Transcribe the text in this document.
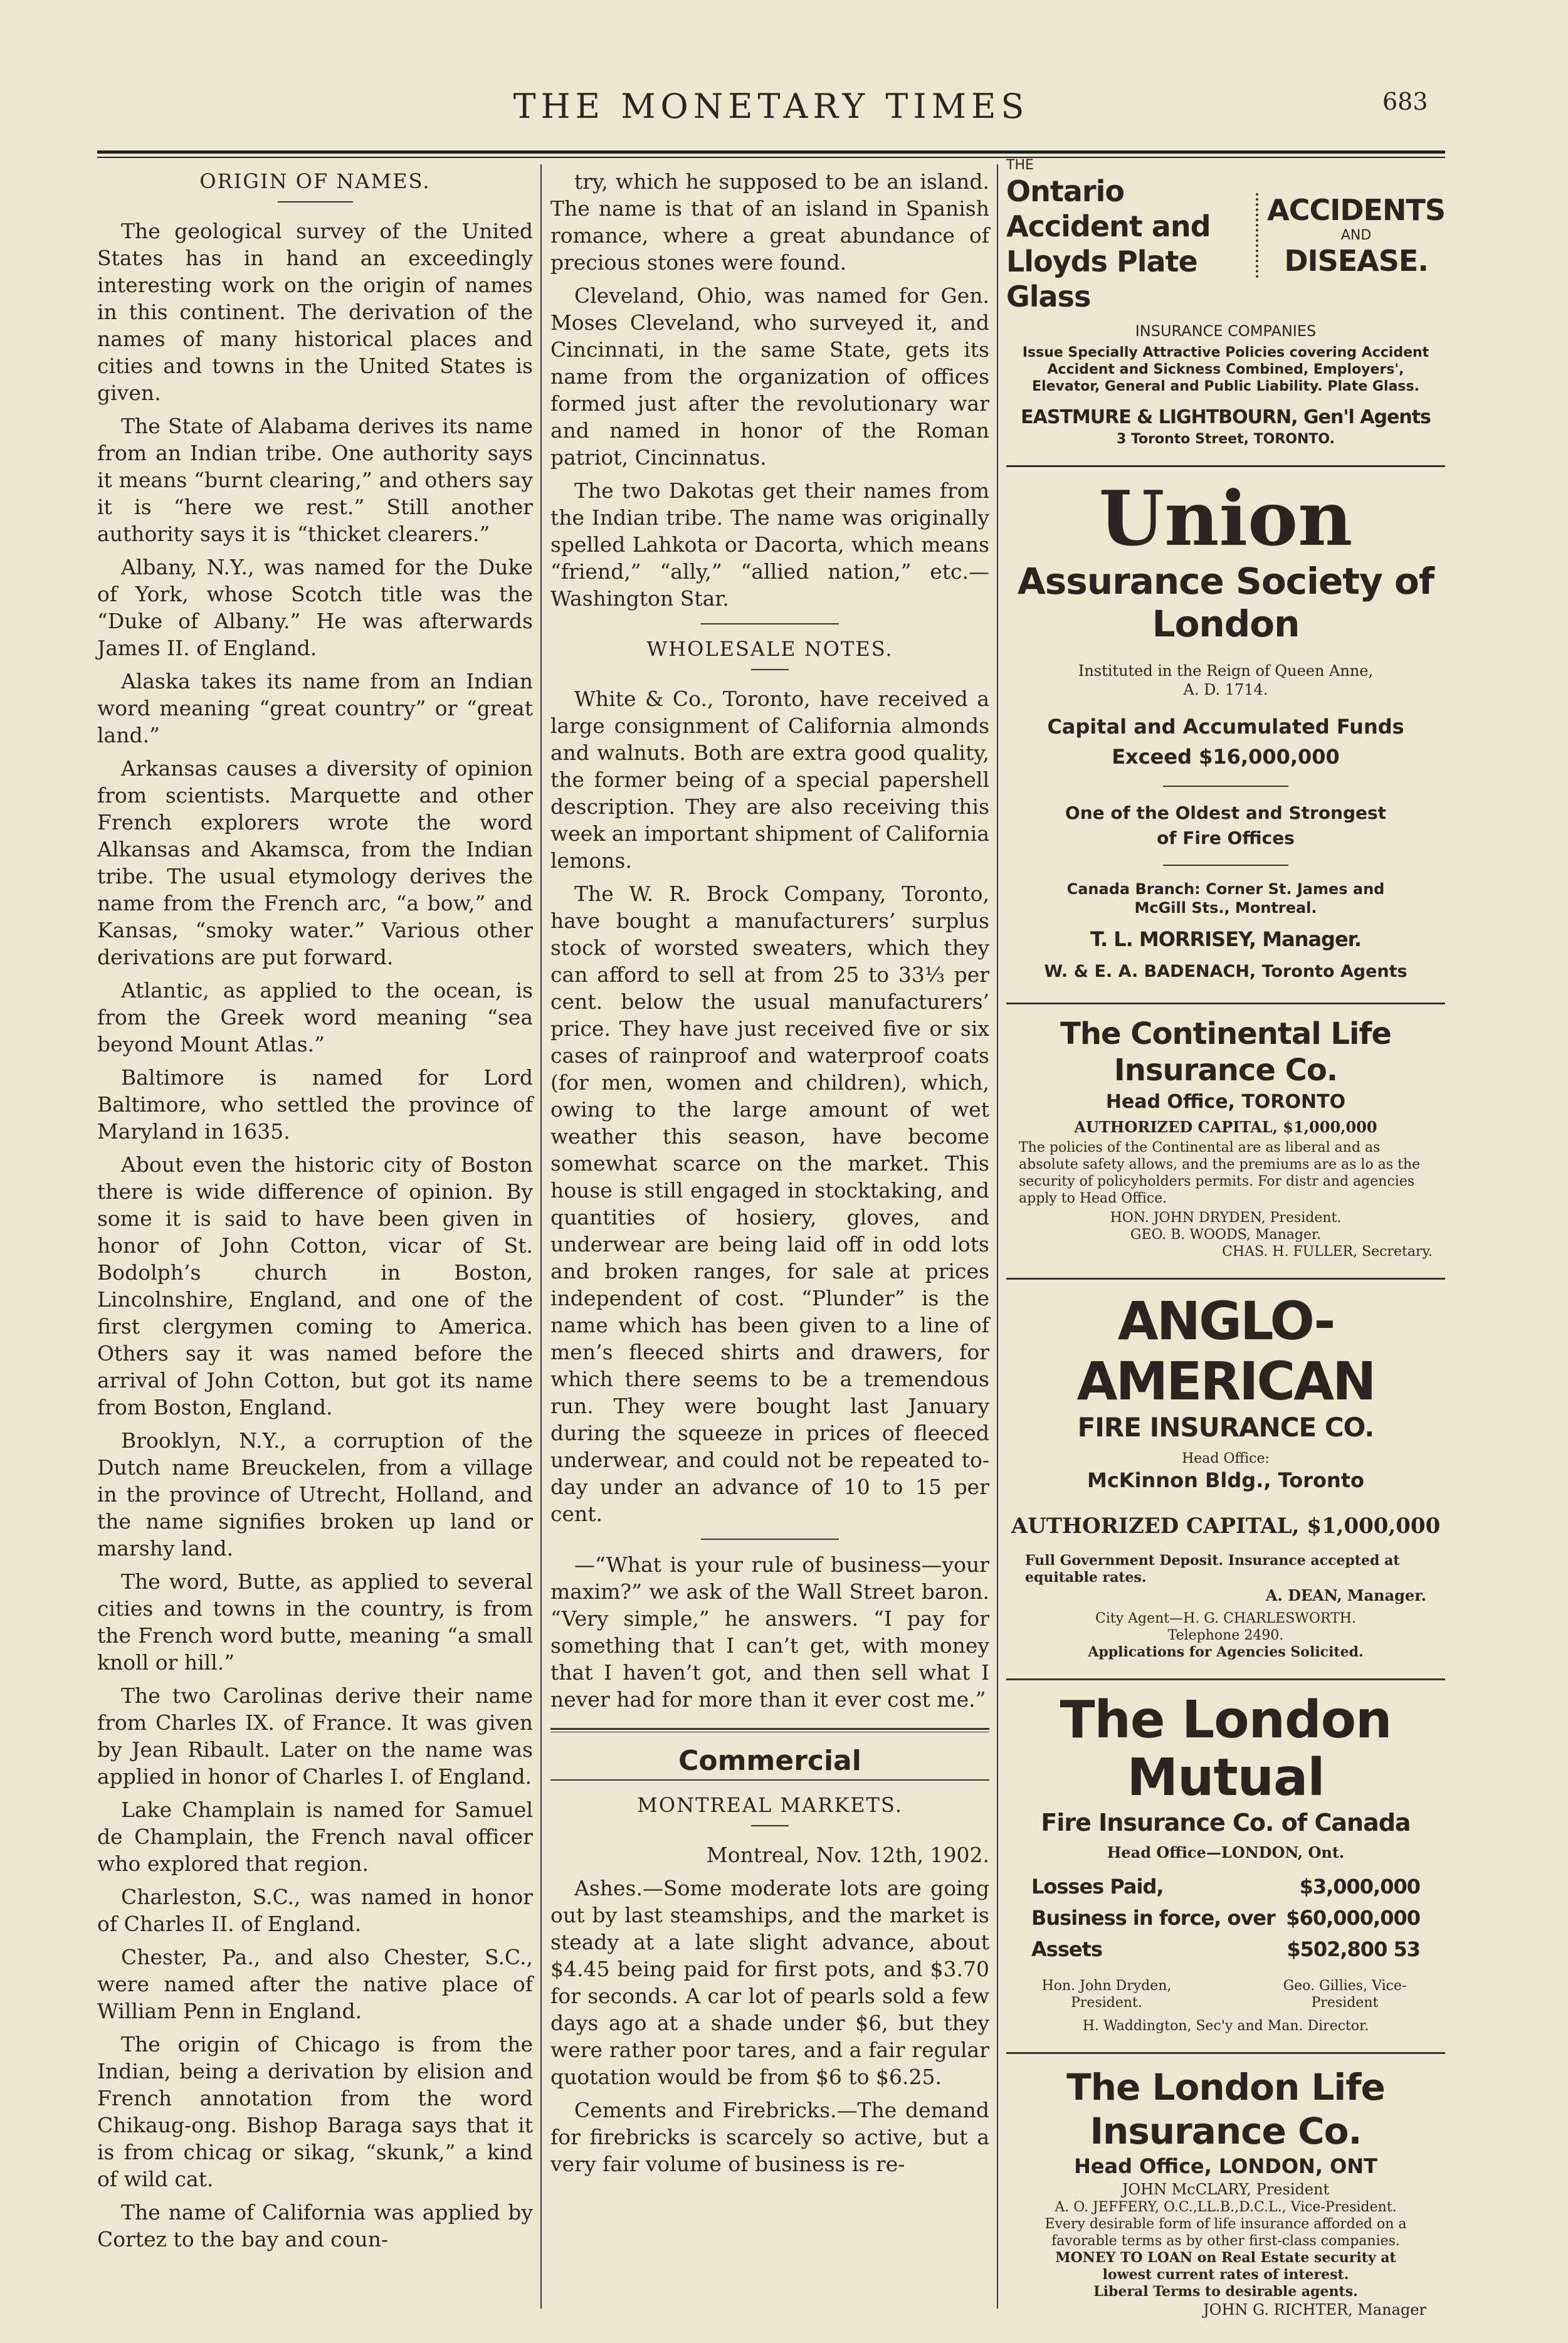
THE MONETARY TIMES	683

ORIGIN OF NAMES.

The geological survey of the United States has in hand an exceedingly interesting work on the origin of names in this continent. The derivation of the names of many historical places and cities and towns in the United States is given.

The State of Alabama derives its name from an Indian tribe. One authority says it means “burnt clearing,” and others say it is “here we rest.” Still another authority says it is “thicket clearers.”

Albany, N.Y., was named for the Duke of York, whose Scotch title was the “Duke of Albany.” He was afterwards James II. of England.

Alaska takes its name from an Indian word meaning “great country” or “great land.”

Arkansas causes a diversity of opinion from scientists. Marquette and other French explorers wrote the word Alkansas and Akamsca, from the Indian tribe. The usual etymology derives the name from the French arc, “a bow,” and Kansas, “smoky water.” Various other derivations are put forward.

Atlantic, as applied to the ocean, is from the Greek word meaning “sea beyond Mount Atlas.”

Baltimore is named for Lord Baltimore, who settled the province of Maryland in 1635.

About even the historic city of Boston there is wide difference of opinion. By some it is said to have been given in honor of John Cotton, vicar of St. Bodolph’s church in Boston, Lincolnshire, England, and one of the first clergymen coming to America. Others say it was named before the arrival of John Cotton, but got its name from Boston, England.

Brooklyn, N.Y., a corruption of the Dutch name Breuckelen, from a village in the province of Utrecht, Holland, and the name signifies broken up land or marshy land.

The word, Butte, as applied to several cities and towns in the country, is from the French word butte, meaning “a small knoll or hill.”

The two Carolinas derive their name from Charles IX. of France. It was given by Jean Ribault. Later on the name was applied in honor of Charles I. of England.

Lake Champlain is named for Samuel de Champlain, the French naval officer who explored that region.

Charleston, S.C., was named in honor of Charles II. of England.

Chester, Pa., and also Chester, S.C., were named after the native place of William Penn in England.

The origin of Chicago is from the Indian, being a derivation by elision and French annotation from the word Chikaug-ong. Bishop Baraga says that it is from chicag or sikag, “skunk,” a kind of wild cat.

The name of California was applied by Cortez to the bay and coun-

try, which he supposed to be an island. The name is that of an island in Spanish romance, where a great abundance of precious stones were found.

Cleveland, Ohio, was named for Gen. Moses Cleveland, who surveyed it, and Cincinnati, in the same State, gets its name from the organization of offices formed just after the revolutionary war and named in honor of the Roman patriot, Cincinnatus.

The two Dakotas get their names from the Indian tribe. The name was originally spelled Lahkota or Dacorta, which means “friend,” “ally,” “allied nation,” etc.—Washington Star.

WHOLESALE NOTES.

White & Co., Toronto, have received a large consignment of California almonds and walnuts. Both are extra good quality, the former being of a special papershell description. They are also receiving this week an important shipment of California lemons.

The W. R. Brock Company, Toronto, have bought a manufacturers’ surplus stock of worsted sweaters, which they can afford to sell at from 25 to 33⅓ per cent. below the usual manufacturers’ price. They have just received five or six cases of rainproof and waterproof coats (for men, women and children), which, owing to the large amount of wet weather this season, have become somewhat scarce on the market. This house is still engaged in stocktaking, and quantities of hosiery, gloves, and underwear are being laid off in odd lots and broken ranges, for sale at prices independent of cost. “Plunder” is the name which has been given to a line of men’s fleeced shirts and drawers, for which there seems to be a tremendous run. They were bought last January during the squeeze in prices of fleeced underwear, and could not be repeated to-day under an advance of 10 to 15 per cent.

—“What is your rule of business—your maxim?” we ask of the Wall Street baron. “Very simple,” he answers. “I pay for something that I can’t get, with money that I haven’t got, and then sell what I never had for more than it ever cost me.”

Commercial

MONTREAL MARKETS.

Montreal, Nov. 12th, 1902.

Ashes.—Some moderate lots are going out by last steamships, and the market is steady at a late slight advance, about $4.45 being paid for first pots, and $3.70 for seconds. A car lot of pearls sold a few days ago at a shade under $6, but they were rather poor tares, and a fair regular quotation would be from $6 to $6.25.

Cements and Firebricks.—The demand for firebricks is scarcely so active, but a very fair volume of business is re-

THE
Ontario Accident and
Lloyds Plate Glass
ACCIDENTS
AND
DISEASE.
INSURANCE COMPANIES
Issue Specially Attractive Policies covering Accident Accident and Sickness Combined, Employers', Elevator, General and Public Liability. Plate Glass.
EASTMURE & LIGHTBOURN, Gen'l Agents
3 Toronto Street, TORONTO.
Union
Assurance Society of London
Instituted in the Reign of Queen Anne, A. D. 1714.
Capital and Accumulated Funds Exceed $16,000,000
One of the Oldest and Strongest of Fire Offices
Canada Branch: Corner St. James and McGill Sts., Montreal.
T. L. MORRISEY, Manager.
W. & E. A. BADENACH, Toronto Agents
The Continental Life Insurance Co.
Head Office, TORONTO
AUTHORIZED CAPITAL, $1,000,000
The policies of the Continental are as liberal and as absolute safety allows, and the premiums are as lo as the security of policyholders permits. For distr and agencies apply to Head Office.
HON. JOHN DRYDEN, President.
GEO. B. WOODS, Manager.
CHAS. H. FULLER, Secretary.
ANGLO-AMERICAN
FIRE INSURANCE CO.
Head Office:
McKinnon Bldg., Toronto
AUTHORIZED CAPITAL, $1,000,000
Full Government Deposit. Insurance accepted at equitable rates.
A. DEAN, Manager.
City Agent—H. G. CHARLESWORTH.
Telephone 2490.
Applications for Agencies Solicited.
The London Mutual
Fire Insurance Co. of Canada
Head Office—LONDON, Ont.
Losses Paid,	$3,000,000
Business in force, over $60,000,000
Assets	$502,800 53
Hon. John Dryden, President.
Geo. Gillies, Vice-President
H. Waddington, Sec'y and Man. Director.
The London Life Insurance Co.
Head Office, LONDON, ONT
JOHN McCLARY, President
A. O. JEFFERY, O.C.,LL.B.,D.C.L., Vice-President.
Every desirable form of life insurance afforded on a favorable terms as by other first-class companies.
MONEY TO LOAN on Real Estate security at lowest current rates of interest.
Liberal Terms to desirable agents.
JOHN G. RICHTER, Manager
